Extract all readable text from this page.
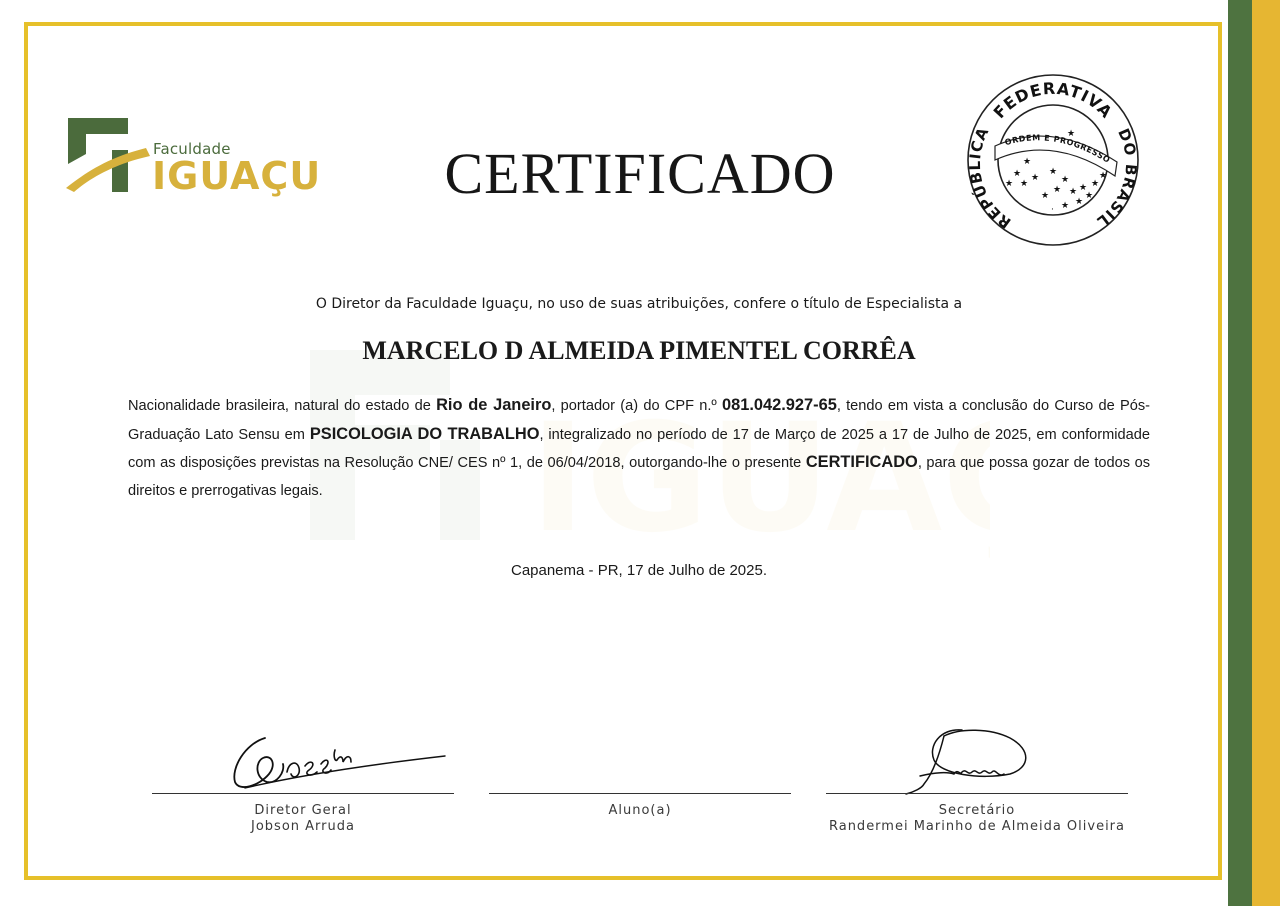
Faculdade
IGUAÇU	CERTIFICADO
FEDERATIVA
REPÚBLICA	DO BRASIL
ORDEM E PROGRESSO
★
★
★ ★
★
★
★
★
★ ★ ★
★
★
★
★
·
★
★
O Diretor da Faculdade Iguaçu, no uso de suas atribuições, confere o título de Especialista a
MARCELO D ALMEIDA PIMENTEL CORRÊA
Nacionalidade brasileira, natural do estado de Rio de Janeiro, portador (a) do CPF n.º 081.042.927-65, tendo em vista a conclusão do Curso de Pós-Graduação Lato Sensu em PSICOLOGIA DO TRABALHO, integralizado no período de 17 de Março de 2025 a 17 de Julho de 2025, em conformidade com as disposições previstas na Resolução CNE/ CES nº 1, de 06/04/2018, outorgando-lhe o presente CERTIFICADO, para que possa gozar de todos os direitos e prerrogativas legais.
Capanema - PR, 17 de Julho de 2025.
Diretor Geral
Jobson Arruda
Aluno(a)	Secretário
Randermei Marinho de Almeida Oliveira
